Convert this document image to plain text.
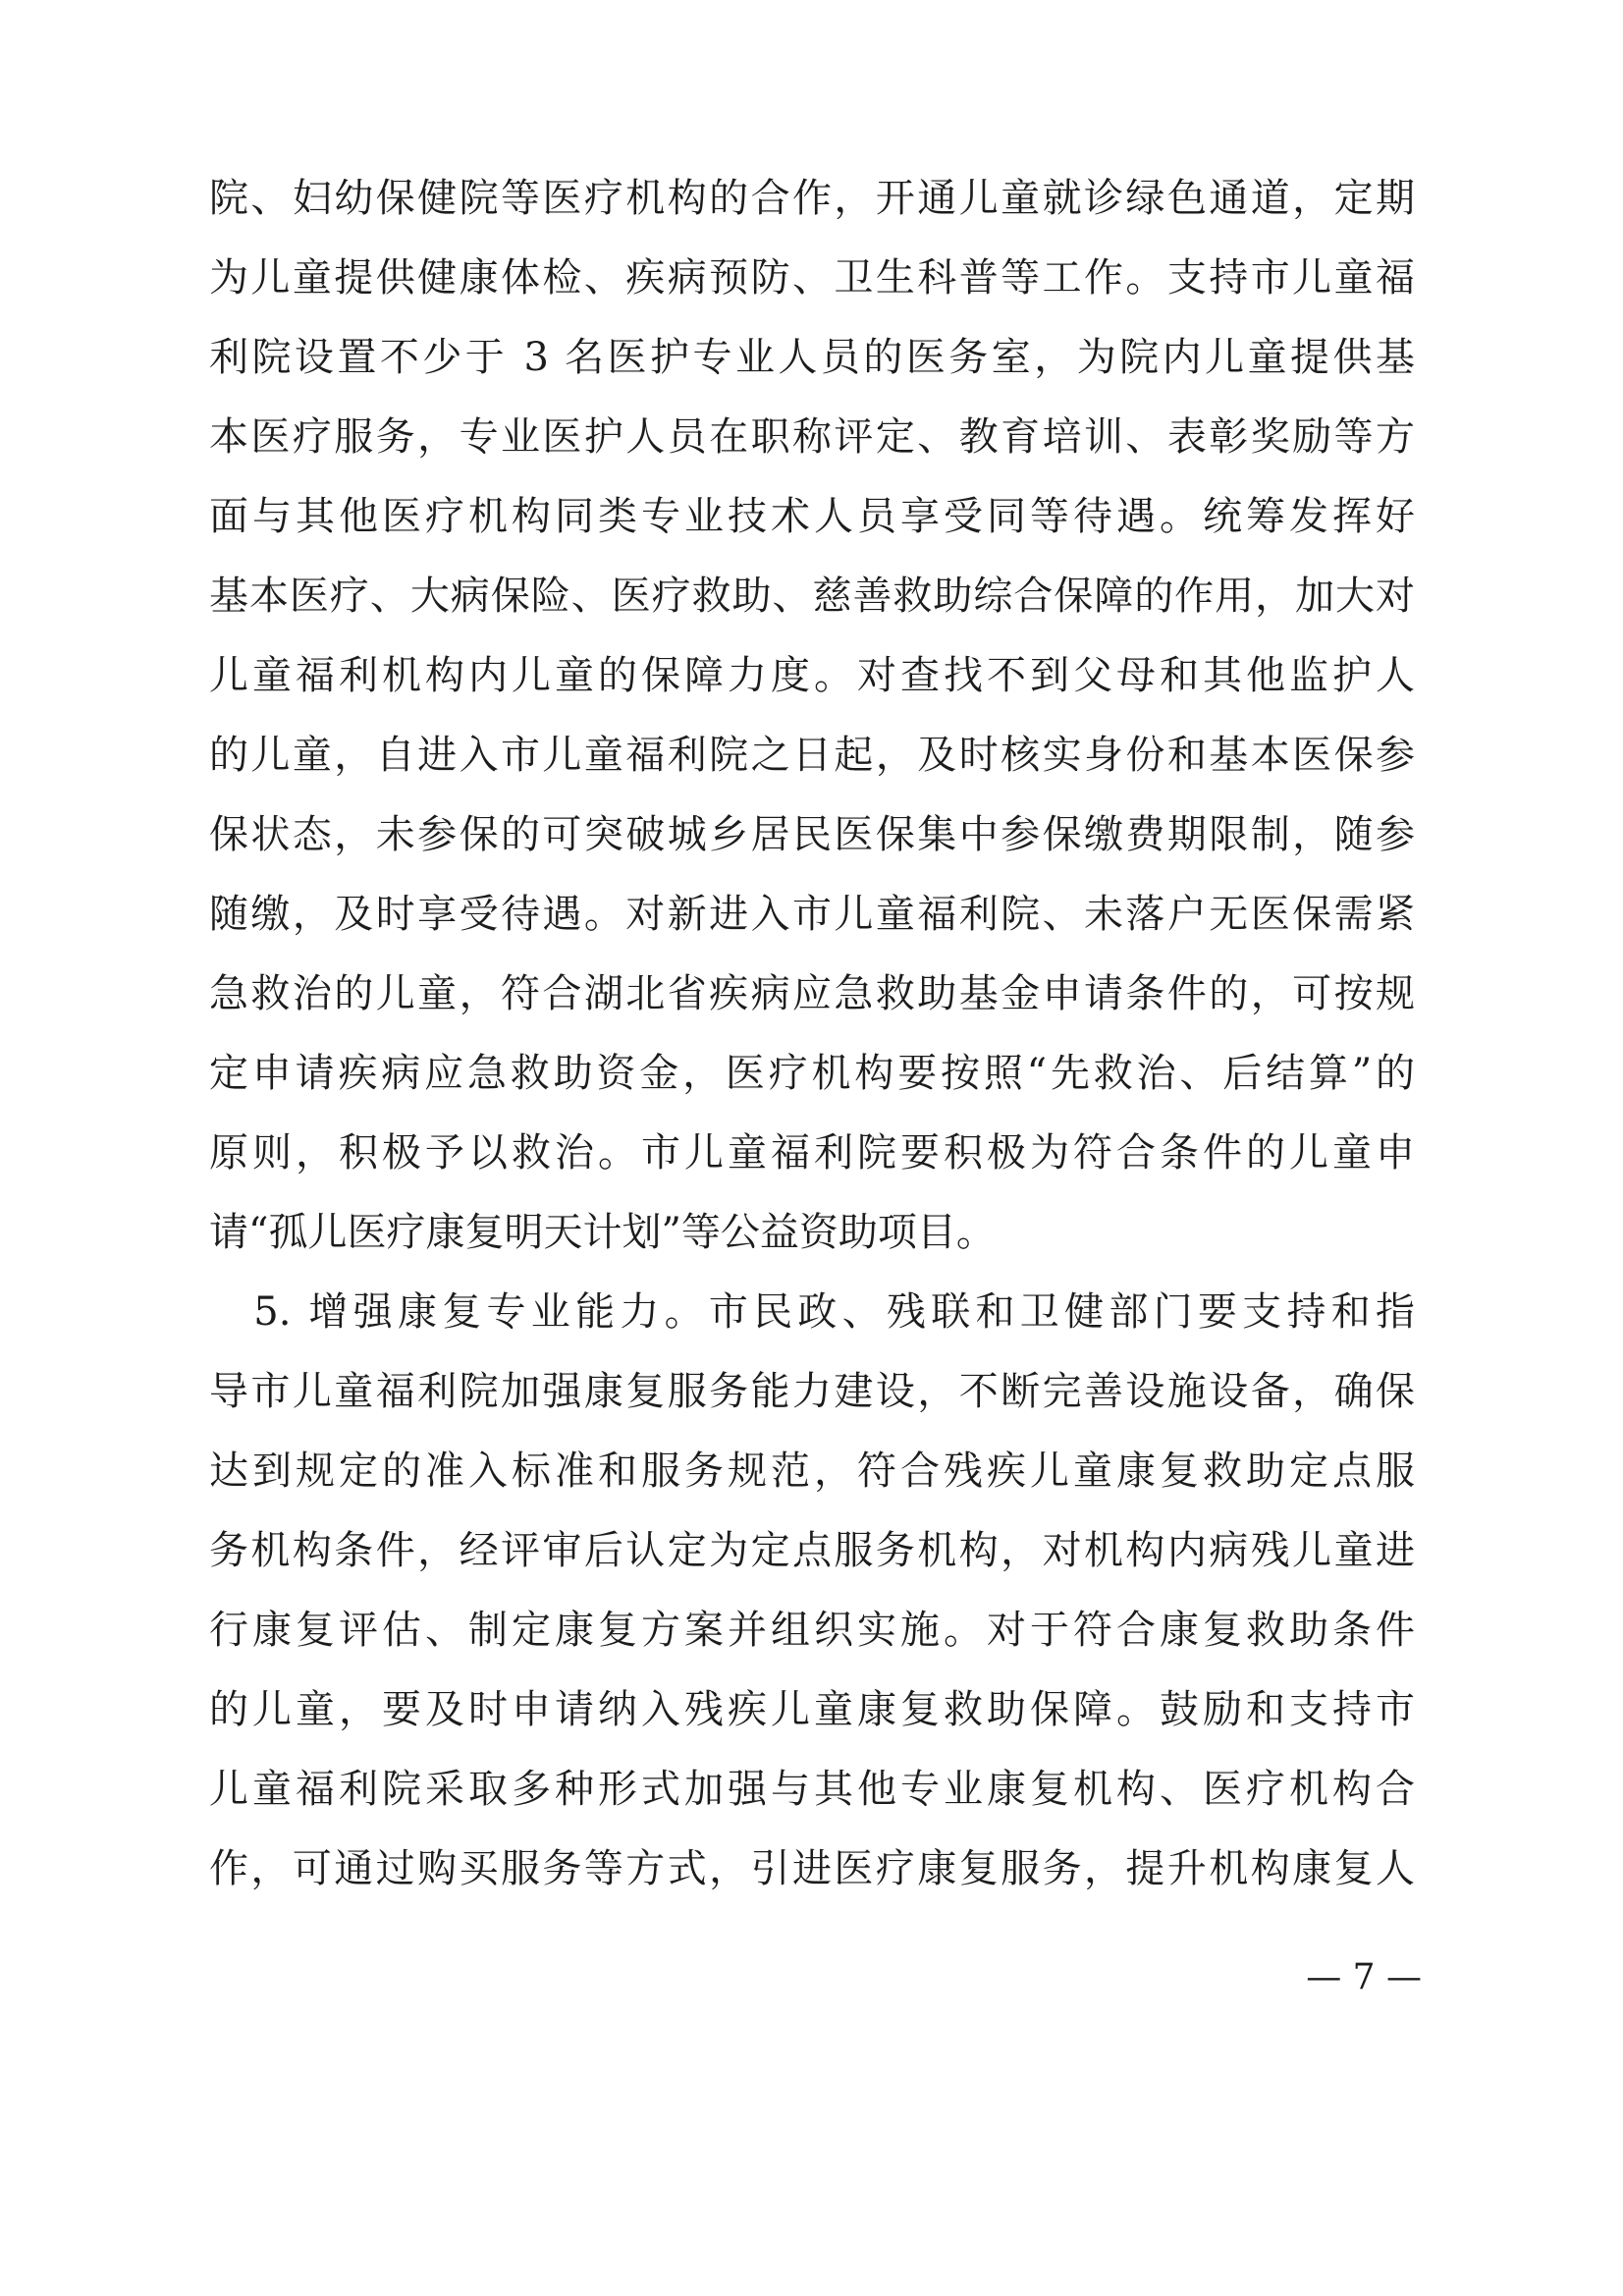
院、妇幼保健院等医疗机构的合作，开通儿童就诊绿色通道，定期
为儿童提供健康体检、疾病预防、卫生科普等工作。支持市儿童福
利院设置不少于 3 名医护专业人员的医务室，为院内儿童提供基
本医疗服务，专业医护人员在职称评定、教育培训、表彰奖励等方
面与其他医疗机构同类专业技术人员享受同等待遇。统筹发挥好
基本医疗、大病保险、医疗救助、慈善救助综合保障的作用，加大对
儿童福利机构内儿童的保障力度。对查找不到父母和其他监护人
的儿童，自进入市儿童福利院之日起，及时核实身份和基本医保参
保状态，未参保的可突破城乡居民医保集中参保缴费期限制，随参
随缴，及时享受待遇。对新进入市儿童福利院、未落户无医保需紧
急救治的儿童，符合湖北省疾病应急救助基金申请条件的，可按规
定申请疾病应急救助资金，医疗机构要按照“先救治、后结算”的
原则，积极予以救治。市儿童福利院要积极为符合条件的儿童申
请“孤儿医疗康复明天计划”等公益资助项目。
　5. 增强康复专业能力。市民政、残联和卫健部门要支持和指
导市儿童福利院加强康复服务能力建设，不断完善设施设备，确保
达到规定的准入标准和服务规范，符合残疾儿童康复救助定点服
务机构条件，经评审后认定为定点服务机构，对机构内病残儿童进
行康复评估、制定康复方案并组织实施。对于符合康复救助条件
的儿童，要及时申请纳入残疾儿童康复救助保障。鼓励和支持市
儿童福利院采取多种形式加强与其他专业康复机构、医疗机构合
作，可通过购买服务等方式，引进医疗康复服务，提升机构康复人
— 7 —
